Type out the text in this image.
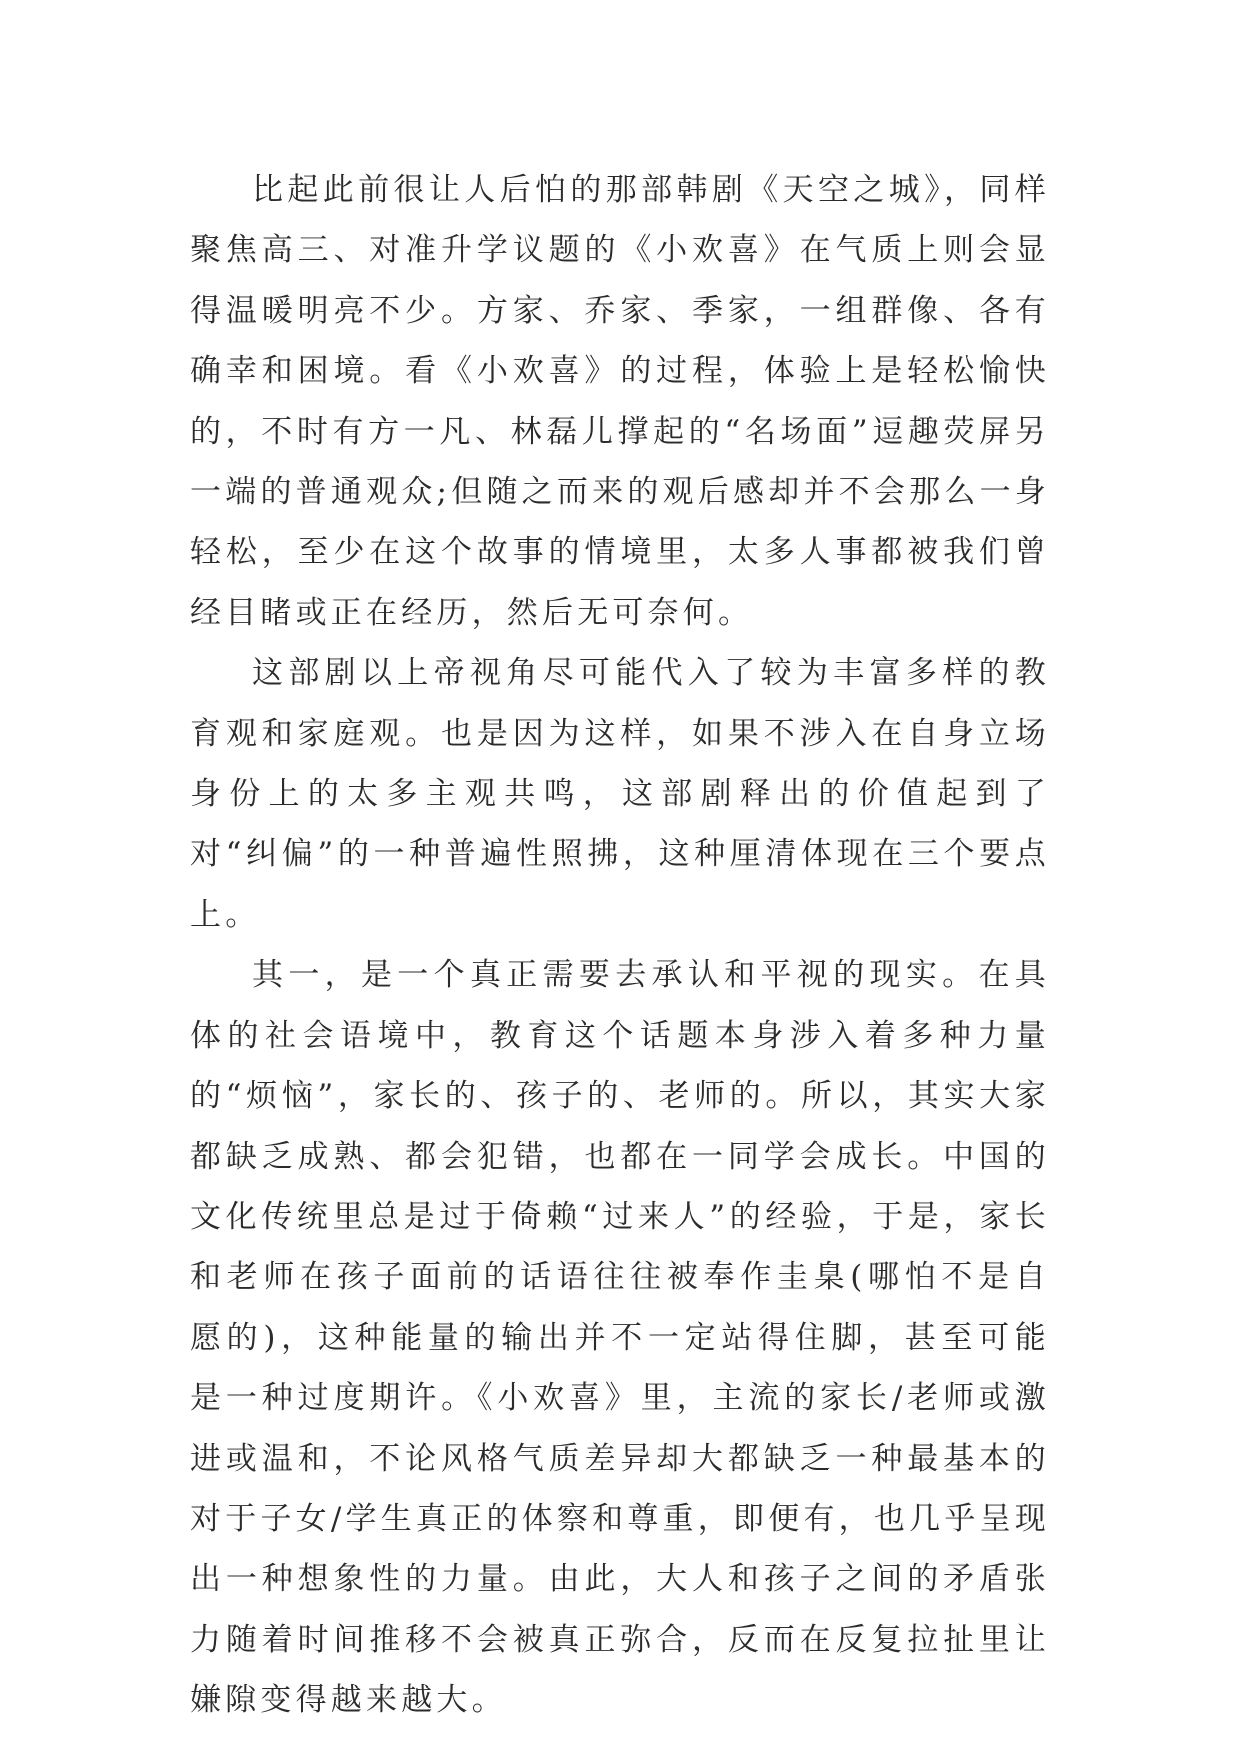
比起此前很让人后怕的那部韩剧《天空之城》，同样聚焦高三、对准升学议题的《小欢喜》在气质上则会显得温暖明亮不少。方家、乔家、季家，一组群像、各有确幸和困境。看《小欢喜》的过程，体验上是轻松愉快的，不时有方一凡、林磊儿撑起的“名场面”逗趣荧屏另一端的普通观众;但随之而来的观后感却并不会那么一身轻松，至少在这个故事的情境里，太多人事都被我们曾经目睹或正在经历，然后无可奈何。

这部剧以上帝视角尽可能代入了较为丰富多样的教育观和家庭观。也是因为这样，如果不涉入在自身立场身份上的太多主观共鸣，这部剧释出的价值起到了对“纠偏”的一种普遍性照拂，这种厘清体现在三个要点上。

其一，是一个真正需要去承认和平视的现实。在具体的社会语境中，教育这个话题本身涉入着多种力量的“烦恼”，家长的、孩子的、老师的。所以，其实大家都缺乏成熟、都会犯错，也都在一同学会成长。中国的文化传统里总是过于倚赖“过来人”的经验，于是，家长和老师在孩子面前的话语往往被奉作圭臬(哪怕不是自愿的)，这种能量的输出并不一定站得住脚，甚至可能是一种过度期许。《小欢喜》里，主流的家长/老师或激进或温和，不论风格气质差异却大都缺乏一种最基本的对于子女/学生真正的体察和尊重，即便有，也几乎呈现出一种想象性的力量。由此，大人和孩子之间的矛盾张力随着时间推移不会被真正弥合，反而在反复拉扯里让嫌隙变得越来越大。
